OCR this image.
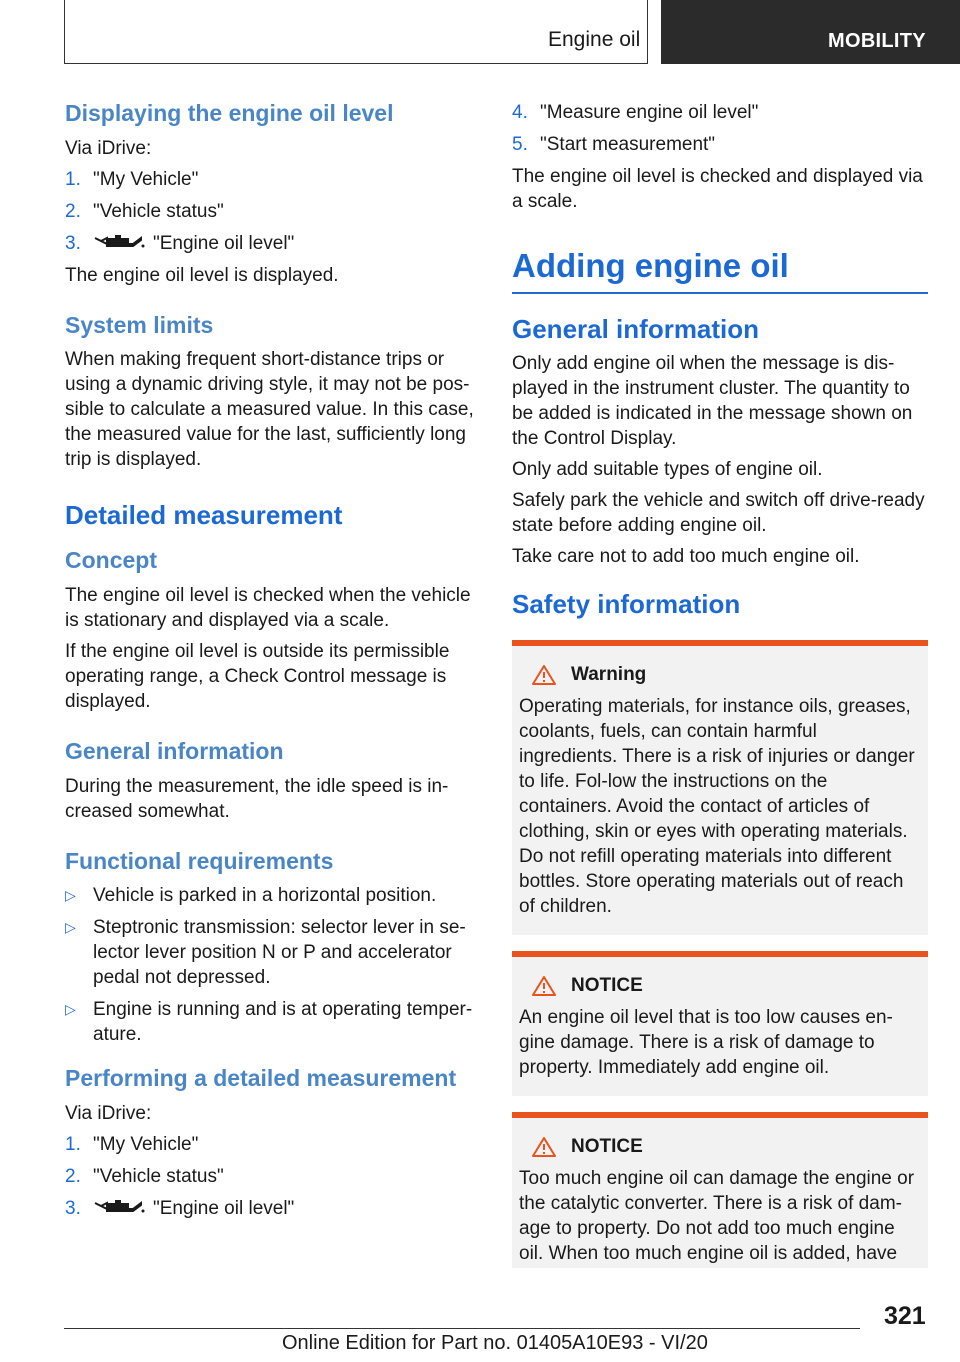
Engine oil	MOBILITY
Displaying the engine oil level

Via iDrive:

1. "My Vehicle"
2. "Vehicle status"
3.	"Engine oil level"

The engine oil level is displayed.

System limits

When making frequent short-distance trips or using a dynamic driving style, it may not be pos-sible to calculate a measured value. In this case, the measured value for the last, sufficiently long trip is displayed.

Detailed measurement
Concept

The engine oil level is checked when the vehicle is stationary and displayed via a scale.

If the engine oil level is outside its permissible operating range, a Check Control message is displayed.

General information

During the measurement, the idle speed is in-creased somewhat.

Functional requirements
▷ Vehicle is parked in a horizontal position.
▷ Steptronic transmission: selector lever in se-lector lever position N or P and accelerator pedal not depressed.
▷ Engine is running and is at operating temper-ature.
Performing a detailed measurement

Via iDrive:

1. "My Vehicle"
2. "Vehicle status"
3.	"Engine oil level"
4. "Measure engine oil level"
5. "Start measurement"

The engine oil level is checked and displayed via a scale.

Adding engine oil
General information

Only add engine oil when the message is dis-played in the instrument cluster. The quantity to be added is indicated in the message shown on the Control Display.

Only add suitable types of engine oil.

Safely park the vehicle and switch off drive-ready state before adding engine oil.

Take care not to add too much engine oil.

Safety information
Warning

Operating materials, for instance oils, greases, coolants, fuels, can contain harmful ingredients. There is a risk of injuries or danger to life. Fol-low the instructions on the containers. Avoid the contact of articles of clothing, skin or eyes with operating materials. Do not refill operating materials into different bottles. Store operating materials out of reach of children.

NOTICE

An engine oil level that is too low causes en-gine damage. There is a risk of damage to property. Immediately add engine oil.

NOTICE

Too much engine oil can damage the engine or the catalytic converter. There is a risk of dam-age to property. Do not add too much engine oil. When too much engine oil is added, have

321
Online Edition for Part no. 01405A10E93 - VI/20
